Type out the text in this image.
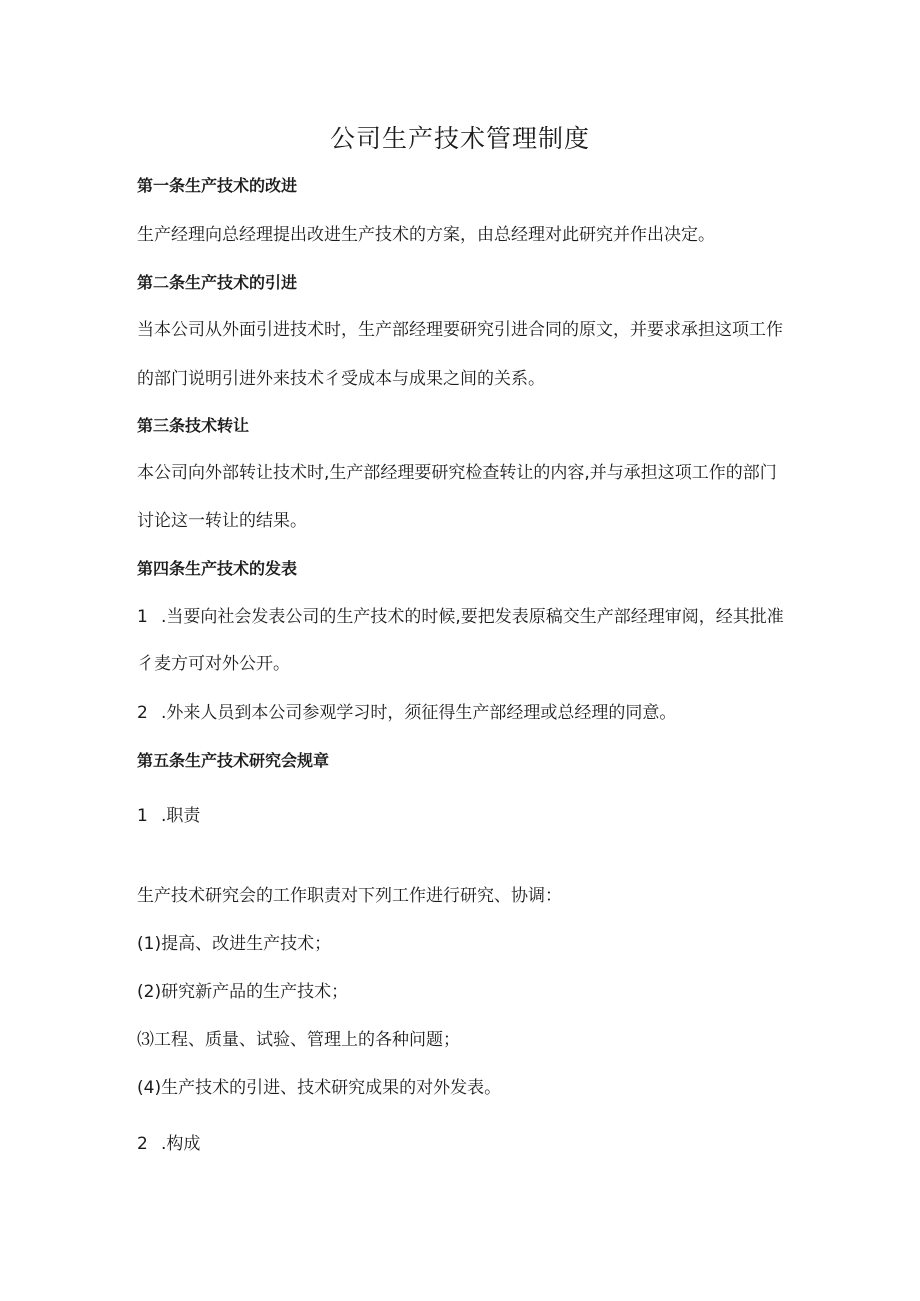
公司生产技术管理制度
第一条生产技术的改进
生产经理向总经理提出改进生产技术的方案，由总经理对此研究并作出决定。
第二条生产技术的引进
当本公司从外面引进技术时，生产部经理要研究引进合同的原文，并要求承担这项工作
的部门说明引进外来技术彳受成本与成果之间的关系。
第三条技术转让
本公司向外部转让技术时,生产部经理要研究检查转让的内容,并与承担这项工作的部门
讨论这一转让的结果。
第四条生产技术的发表
1 .当要向社会发表公司的生产技术的时候,要把发表原稿交生产部经理审阅，经其批准
彳麦方可对外公开。
2 .外来人员到本公司参观学习时，须征得生产部经理或总经理的同意。
第五条生产技术研究会规章
1 .职责
生产技术研究会的工作职责对下列工作进行研究、协调：
(1)提高、改进生产技术；
(2)研究新产品的生产技术；
⑶工程、质量、试验、管理上的各种问题；
(4)生产技术的引进、技术研究成果的对外发表。
2 .构成
